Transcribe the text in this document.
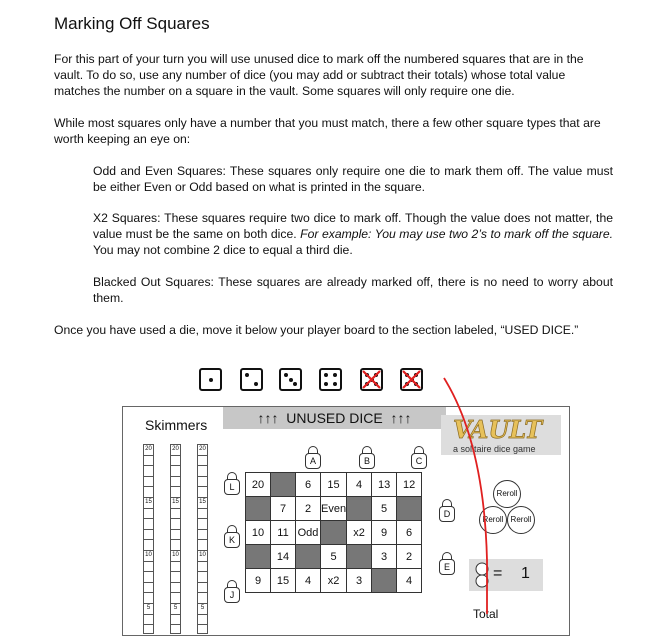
Marking Off Squares

For this part of your turn you will use unused dice to mark off the numbered squares that are in the vault. To do so, use any number of dice (you may add or subtract their totals) whose total value matches the number on a square in the vault. Some squares will only require one die.

While most squares only have a number that you must match, there a few other square types that are worth keeping an eye on:

Odd and Even Squares: These squares only require one die to mark them off. The value must be either Even or Odd based on what is printed in the square.

X2 Squares: These squares require two dice to mark off. Though the value does not matter, the value must be the same on both dice. For example: You may use two 2’s to mark off the square. You may not combine 2 dice to equal a third die.

Blacked Out Squares: These squares are already marked off, there is no need to worry about them.

Once you have used a die, move it below your player board to the section labeled, “USED DICE.”

↑↑↑ UNUSED DICE ↑↑↑
Skimmers
20
15
10
5
20
15
10
5
20
15
10
5
A	B	C
L
K
J
D
E
20		6	15	4	13	12
	7	2	Even		5	
10	11	Odd		x2	9	6
	14		5		3	2
9	15	4	x2	3		4
VAULT
a solitaire dice game
Reroll
Reroll Reroll
= 1
Total
